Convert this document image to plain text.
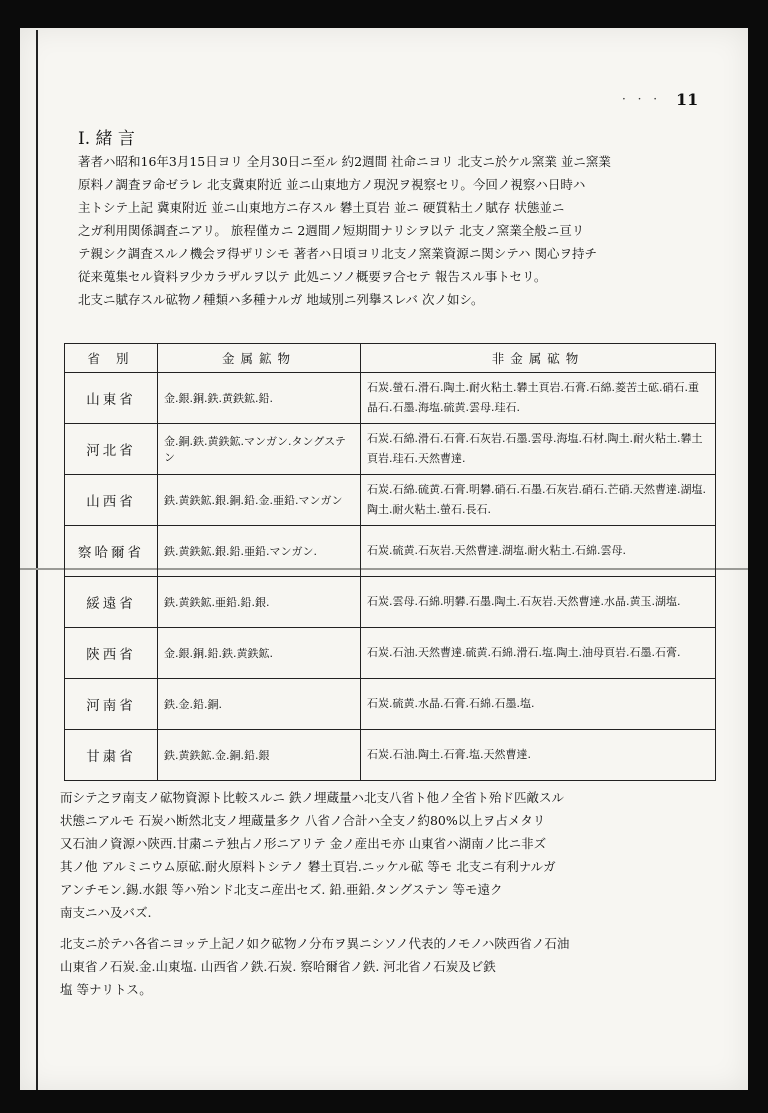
· · · 11
I. 緒 言
著者ハ昭和16年3月15日ヨリ 全月30日ニ至ル 約2週間 社命ニヨリ 北支ニ於ケル窯業 並ニ窯業
原料ノ調査ヲ命ゼラレ 北支冀東附近 並ニ山東地方ノ現況ヲ視察セリ。今回ノ視察ハ日時ハ
主トシテ上記 冀東附近 並ニ山東地方ニ存スル 礬土頁岩 並ニ 硬質粘土ノ賦存 状態並ニ
之ガ利用関係調査ニアリ。 旅程僅カニ 2週間ノ短期間ナリシヲ以テ 北支ノ窯業全般ニ亘リ
テ親シク調査スルノ機会ヲ得ザリシモ 著者ハ日頃ヨリ北支ノ窯業資源ニ関シテハ 関心ヲ持チ
従来蒐集セル資料ヲ少カラザルヲ以テ 此処ニソノ概要ヲ合セテ 報告スル事トセリ。
北支ニ賦存スル砿物ノ種類ハ多種ナルガ 地域別ニ列擧スレバ 次ノ如シ。
省 別	金属鉱物	非金属砿物
山東省	金.銀.銅.鉄.黄鉄鉱.鉛.	石炭.螢石.滑石.陶土.耐火粘土.礬土頁岩.石膏.石綿.菱苦土砿.硝石.重晶石.石墨.海塩.硫黄.雲母.珪石.
河北省	金.銅.鉄.黄鉄鉱.マンガン.タングステン	石炭.石綿.滑石.石膏.石灰岩.石墨.雲母.海塩.石材.陶土.耐火粘土.礬土頁岩.珪石.天然曹達.
山西省	鉄.黄鉄鉱.銀.銅.鉛.金.亜鉛.マンガン	石炭.石綿.硫黄.石膏.明礬.硝石.石墨.石灰岩.硝石.芒硝.天然曹達.湖塩.陶土.耐火粘土.螢石.長石.
察哈爾省	鉄.黄鉄鉱.銀.鉛.亜鉛.マンガン.	石炭.硫黄.石灰岩.天然曹達.湖塩.耐火粘土.石綿.雲母.
綏遠省	鉄.黄鉄鉱.亜鉛.鉛.銀.	石炭.雲母.石綿.明礬.石墨.陶土.石灰岩.天然曹達.水晶.黄玉.湖塩.
陝西省	金.銀.銅.鉛.鉄.黄鉄鉱.	石炭.石油.天然曹達.硫黄.石綿.滑石.塩.陶土.油母頁岩.石墨.石膏.
河南省	鉄.金.鉛.銅.	石炭.硫黄.水晶.石膏.石綿.石墨.塩.
甘粛省	鉄.黄鉄鉱.金.銅.鉛.銀	石炭.石油.陶土.石膏.塩.天然曹達.
而シテ之ヲ南支ノ砿物資源ト比較スルニ 鉄ノ埋蔵量ハ北支八省ト他ノ全省ト殆ド匹敵スル
状態ニアルモ 石炭ハ断然北支ノ埋蔵量多ク 八省ノ合計ハ全支ノ約80%以上ヲ占メタリ
又石油ノ資源ハ陝西.甘粛ニテ独占ノ形ニアリテ 金ノ産出モ亦 山東省ハ湖南ノ比ニ非ズ
其ノ他 アルミニウム原砿.耐火原料トシテノ 礬土頁岩.ニッケル砿 等モ 北支ニ有利ナルガ
アンチモン.錫.水銀 等ハ殆ンド北支ニ産出セズ. 鉛.亜鉛.タングステン 等モ遠ク
南支ニハ及バズ.
北支ニ於テハ各省ニヨッテ上記ノ如ク砿物ノ分布ヲ異ニシソノ代表的ノモノハ陝西省ノ石油
山東省ノ石炭.金.山東塩. 山西省ノ鉄.石炭. 察哈爾省ノ鉄. 河北省ノ石炭及ビ鉄
塩 等ナリトス。
